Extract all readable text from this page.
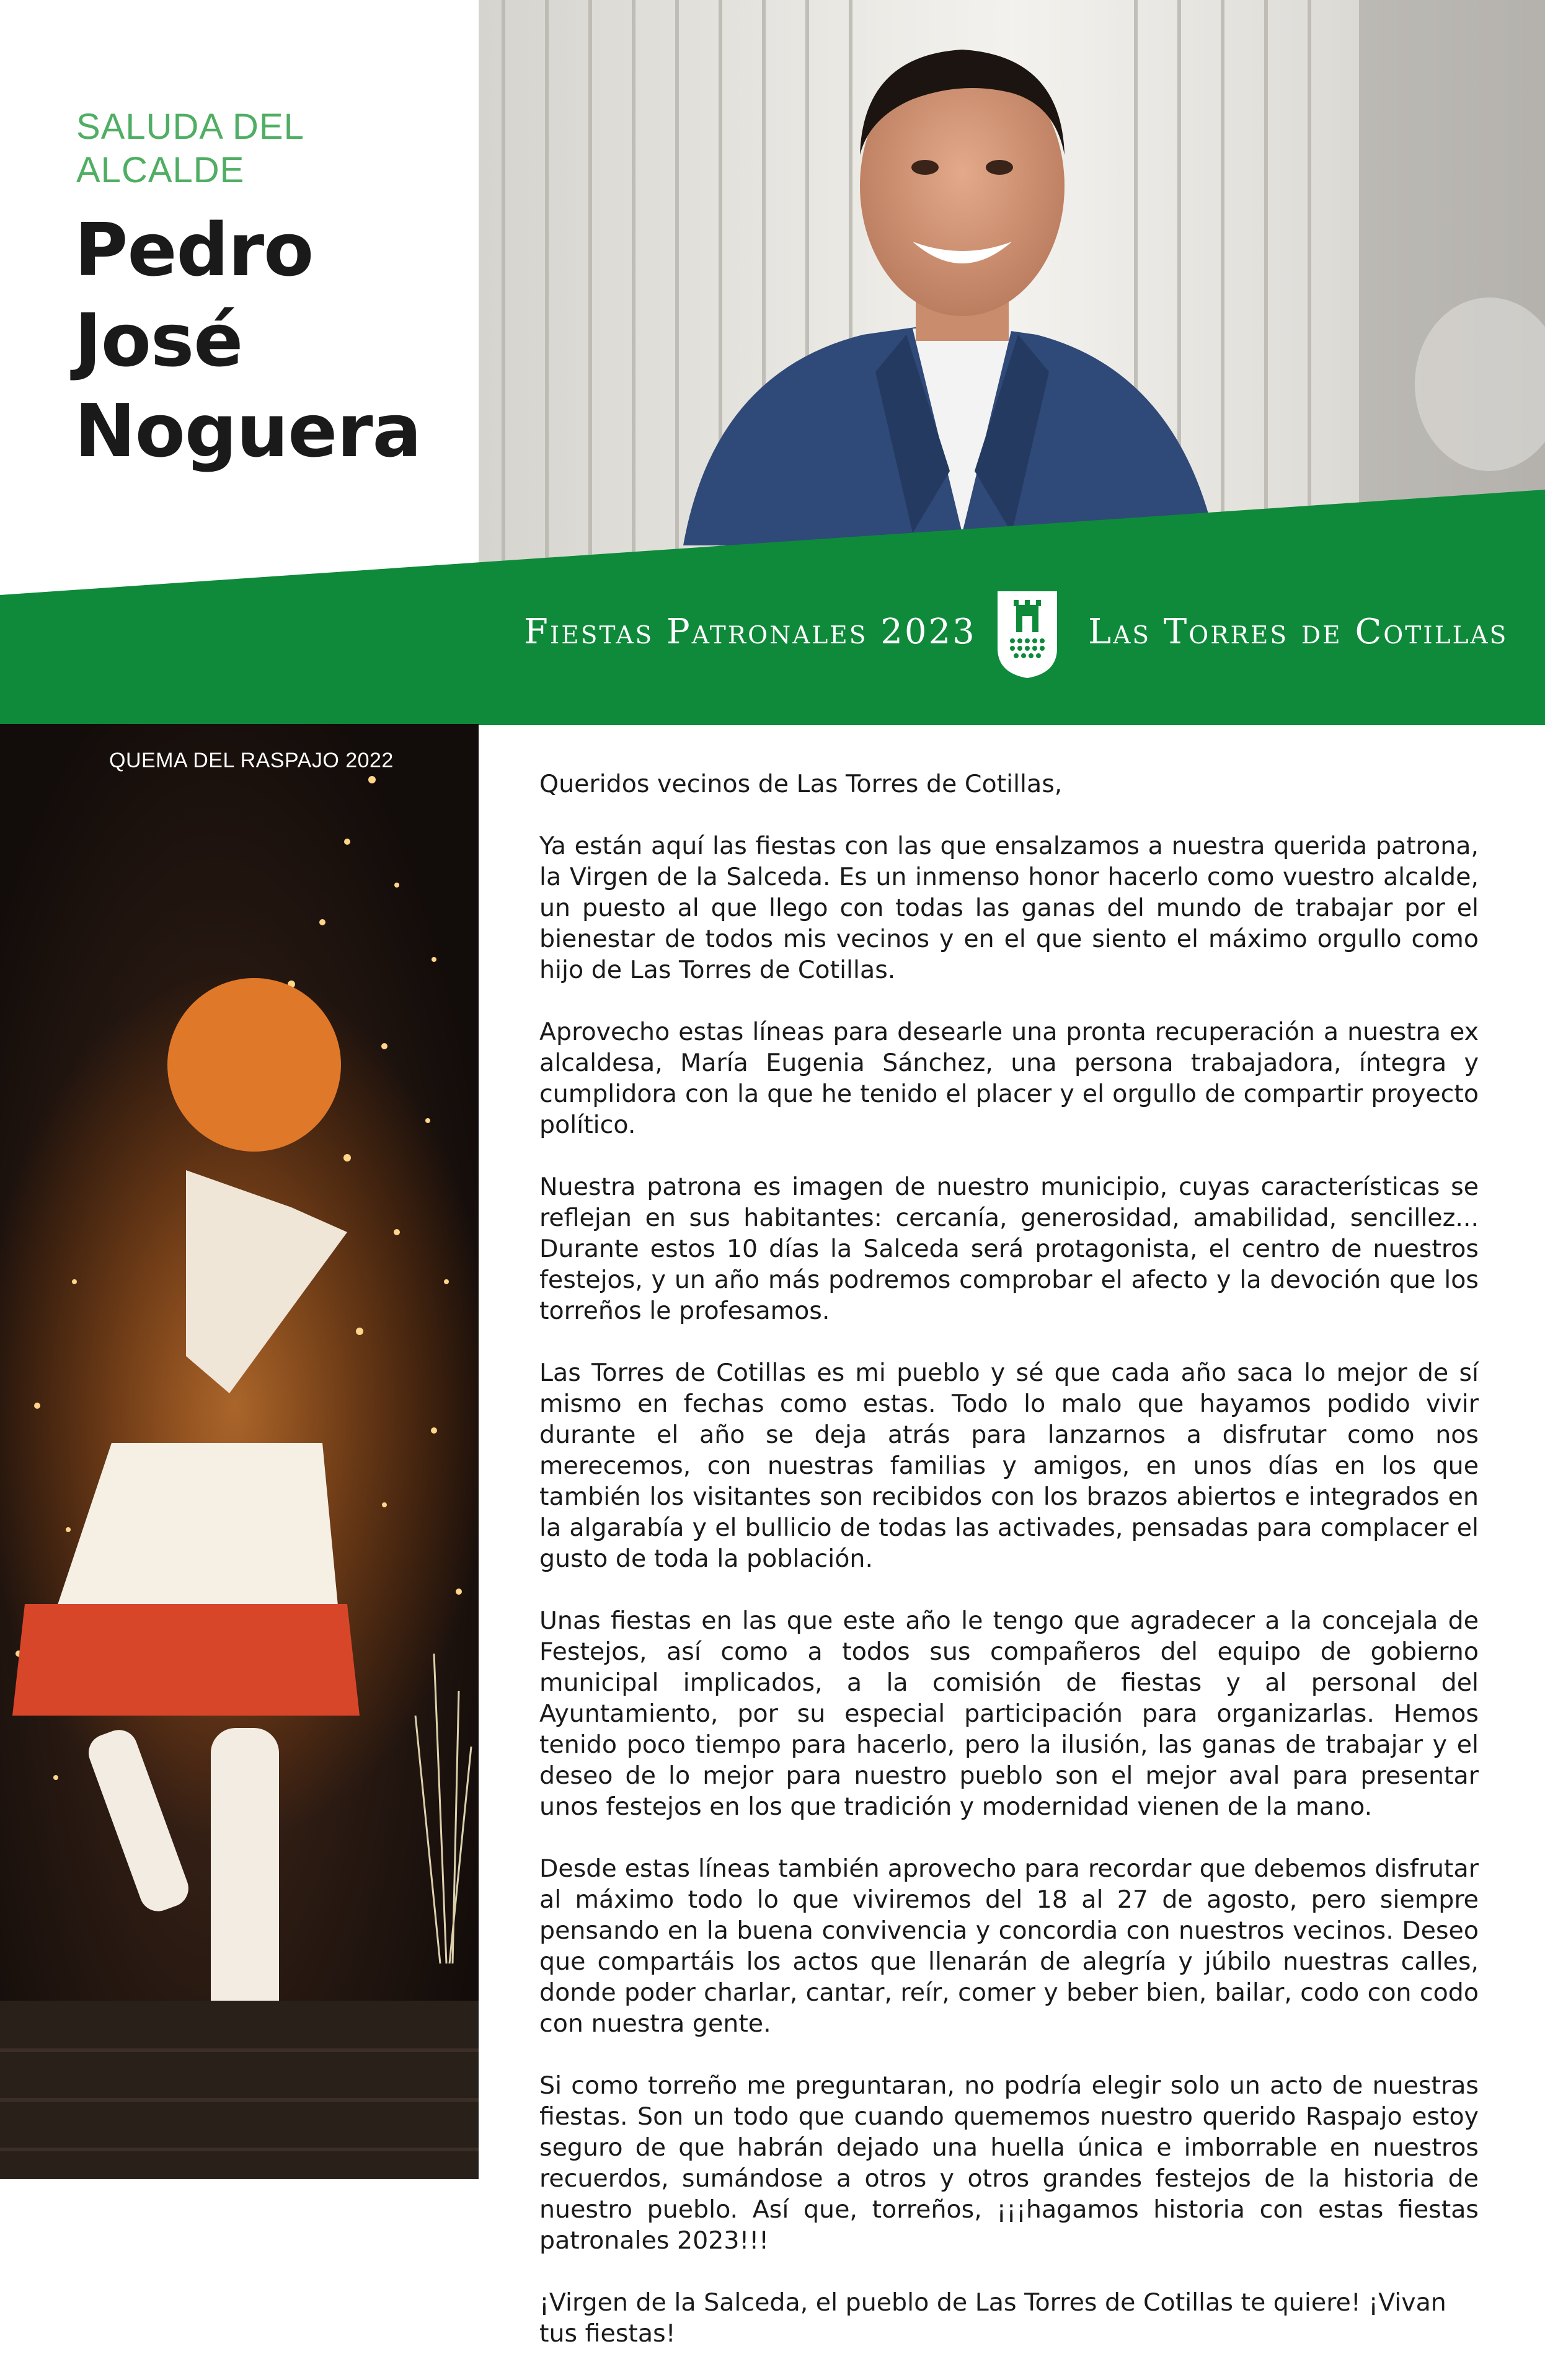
SALUDA DEL ALCALDE
Pedro
José
Noguera
Fiestas Patronales 2023	Las Torres de Cotillas
QUEMA DEL RASPAJO 2022

Queridos vecinos de Las Torres de Cotillas,

Ya están aquí las fiestas con las que ensalzamos a nuestra querida patrona, la Virgen de la Salceda. Es un inmenso honor hacerlo como vuestro alcalde, un puesto al que llego con todas las ganas del mundo de trabajar por el bienestar de todos mis vecinos y en el que siento el máximo orgullo como hijo de Las Torres de Cotillas.

Aprovecho estas líneas para desearle una pronta recuperación a nuestra ex alcaldesa, María Eugenia Sánchez, una persona trabajadora, íntegra y cumplidora con la que he tenido el placer y el orgullo de compartir proyecto político.

Nuestra patrona es imagen de nuestro municipio, cuyas características se reflejan en sus habitantes: cercanía, generosidad, amabilidad, sencillez... Durante estos 10 días la Salceda será protagonista, el centro de nuestros festejos, y un año más podremos comprobar el afecto y la devoción que los torreños le profesamos.

Las Torres de Cotillas es mi pueblo y sé que cada año saca lo mejor de sí mismo en fechas como estas. Todo lo malo que hayamos podido vivir durante el año se deja atrás para lanzarnos a disfrutar como nos merecemos, con nuestras familias y amigos, en unos días en los que también los visitantes son recibidos con los brazos abiertos e integrados en la algarabía y el bullicio de todas las activades, pensadas para complacer el gusto de toda la población.

Unas fiestas en las que este año le tengo que agradecer a la concejala de Festejos, así como a todos sus compañeros del equipo de gobierno municipal implicados, a la comisión de fiestas y al personal del Ayuntamiento, por su especial participación para organizarlas. Hemos tenido poco tiempo para hacerlo, pero la ilusión, las ganas de trabajar y el deseo de lo mejor para nuestro pueblo son el mejor aval para presentar unos festejos en los que tradición y modernidad vienen de la mano.

Desde estas líneas también aprovecho para recordar que debemos disfrutar al máximo todo lo que viviremos del 18 al 27 de agosto, pero siempre pensando en la buena convivencia y concordia con nuestros vecinos. Deseo que compartáis los actos que llenarán de alegría y júbilo nuestras calles, donde poder charlar, cantar, reír, comer y beber bien, bailar, codo con codo con nuestra gente.

Si como torreño me preguntaran, no podría elegir solo un acto de nuestras fiestas. Son un todo que cuando quememos nuestro querido Raspajo estoy seguro de que habrán dejado una huella única e imborrable en nuestros recuerdos, sumándose a otros y otros grandes festejos de la historia de nuestro pueblo. Así que, torreños, ¡¡¡hagamos historia con estas fiestas patronales 2023!!!

¡Virgen de la Salceda, el pueblo de Las Torres de Cotillas te quiere! ¡Vivan tus fiestas!
